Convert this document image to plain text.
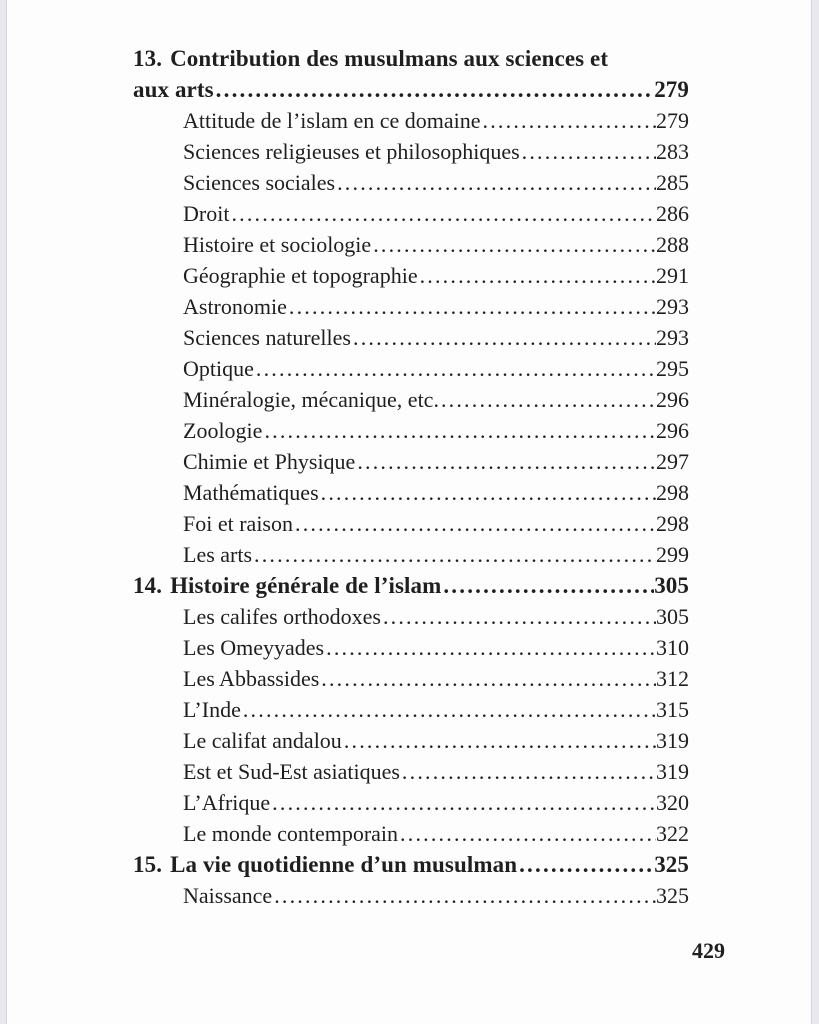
13. Contribution des musulmans aux sciences et
aux arts .....	279
Attitude de l’islam en ce domaine .....	279
Sciences religieuses et philosophiques .....	283
Sciences sociales .....	285
Droit .....	286
Histoire et sociologie .....	288
Géographie et topographie .....	291
Astronomie .....	293
Sciences naturelles .....	293
Optique .....	295
Minéralogie, mécanique, etc. .....	296
Zoologie .....	296
Chimie et Physique .....	297
Mathématiques .....	298
Foi et raison .....	298
Les arts .....	299
14. Histoire générale de l’islam .....	305
Les califes orthodoxes .....	305
Les Omeyyades .....	310
Les Abbassides .....	312
L’Inde .....	315
Le califat andalou .....	319
Est et Sud-Est asiatiques .....	319
L’Afrique .....	320
Le monde contemporain .....	322
15. La vie quotidienne d’un musulman .....	325
Naissance .....	325
429
